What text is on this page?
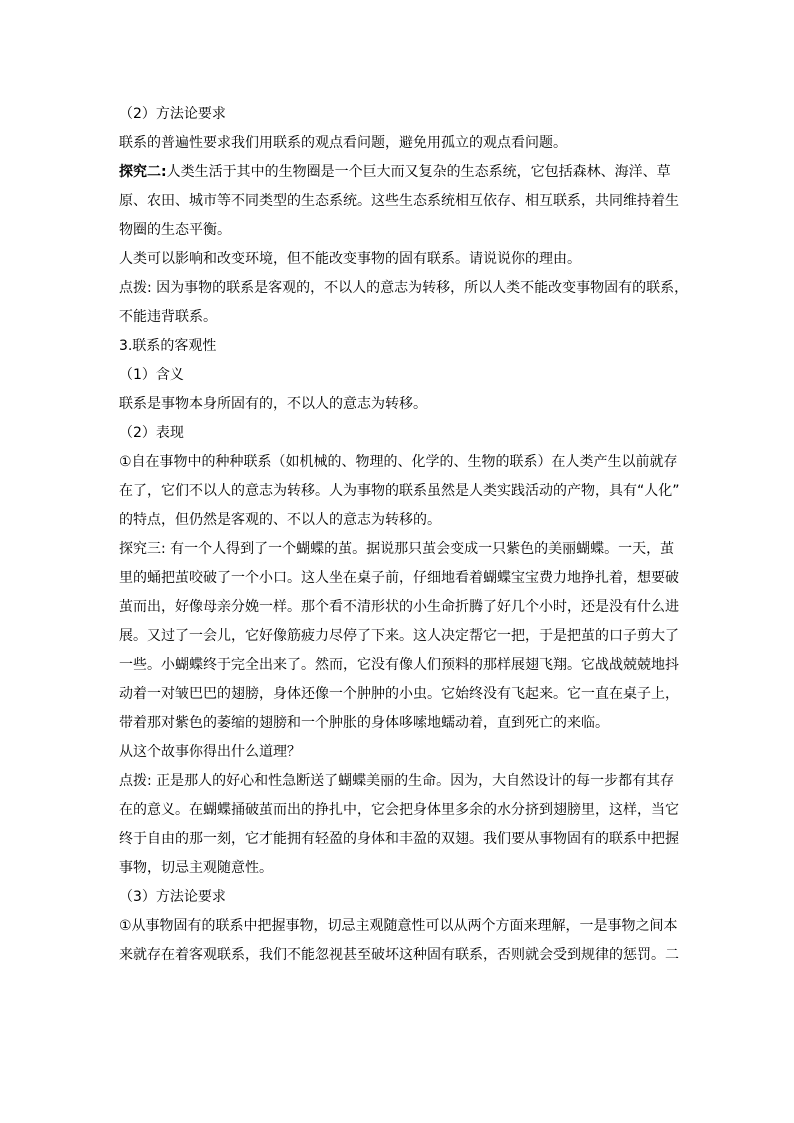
（2）方法论要求
联系的普遍性要求我们用联系的观点看问题，避免用孤立的观点看问题。
探究二:人类生活于其中的生物圈是一个巨大而又复杂的生态系统，它包括森林、海洋、草
原、农田、城市等不同类型的生态系统。这些生态系统相互依存、相互联系，共同维持着生
物圈的生态平衡。
人类可以影响和改变环境，但不能改变事物的固有联系。请说说你的理由。
点拨: 因为事物的联系是客观的，不以人的意志为转移，所以人类不能改变事物固有的联系，
不能违背联系。
3.联系的客观性
（1）含义
联系是事物本身所固有的，不以人的意志为转移。
（2）表现
①自在事物中的种种联系（如机械的、物理的、化学的、生物的联系）在人类产生以前就存
在了，它们不以人的意志为转移。人为事物的联系虽然是人类实践活动的产物，具有“人化”
的特点，但仍然是客观的、不以人的意志为转移的。
探究三: 有一个人得到了一个蝴蝶的茧。据说那只茧会变成一只紫色的美丽蝴蝶。一天，茧
里的蛹把茧咬破了一个小口。这人坐在桌子前，仔细地看着蝴蝶宝宝费力地挣扎着，想要破
茧而出，好像母亲分娩一样。那个看不清形状的小生命折腾了好几个小时，还是没有什么进
展。又过了一会儿，它好像筋疲力尽停了下来。这人决定帮它一把，于是把茧的口子剪大了
一些。小蝴蝶终于完全出来了。然而，它没有像人们预料的那样展翅飞翔。它战战兢兢地抖
动着一对皱巴巴的翅膀，身体还像一个肿肿的小虫。它始终没有飞起来。它一直在桌子上，
带着那对紫色的萎缩的翅膀和一个肿胀的身体哆嗦地蠕动着，直到死亡的来临。
从这个故事你得出什么道理？
点拨: 正是那人的好心和性急断送了蝴蝶美丽的生命。因为，大自然设计的每一步都有其存
在的意义。在蝴蝶捅破茧而出的挣扎中，它会把身体里多余的水分挤到翅膀里，这样，当它
终于自由的那一刻，它才能拥有轻盈的身体和丰盈的双翅。我们要从事物固有的联系中把握
事物，切忌主观随意性。
（3）方法论要求
①从事物固有的联系中把握事物，切忌主观随意性可以从两个方面来理解，一是事物之间本
来就存在着客观联系，我们不能忽视甚至破坏这种固有联系，否则就会受到规律的惩罚。二
